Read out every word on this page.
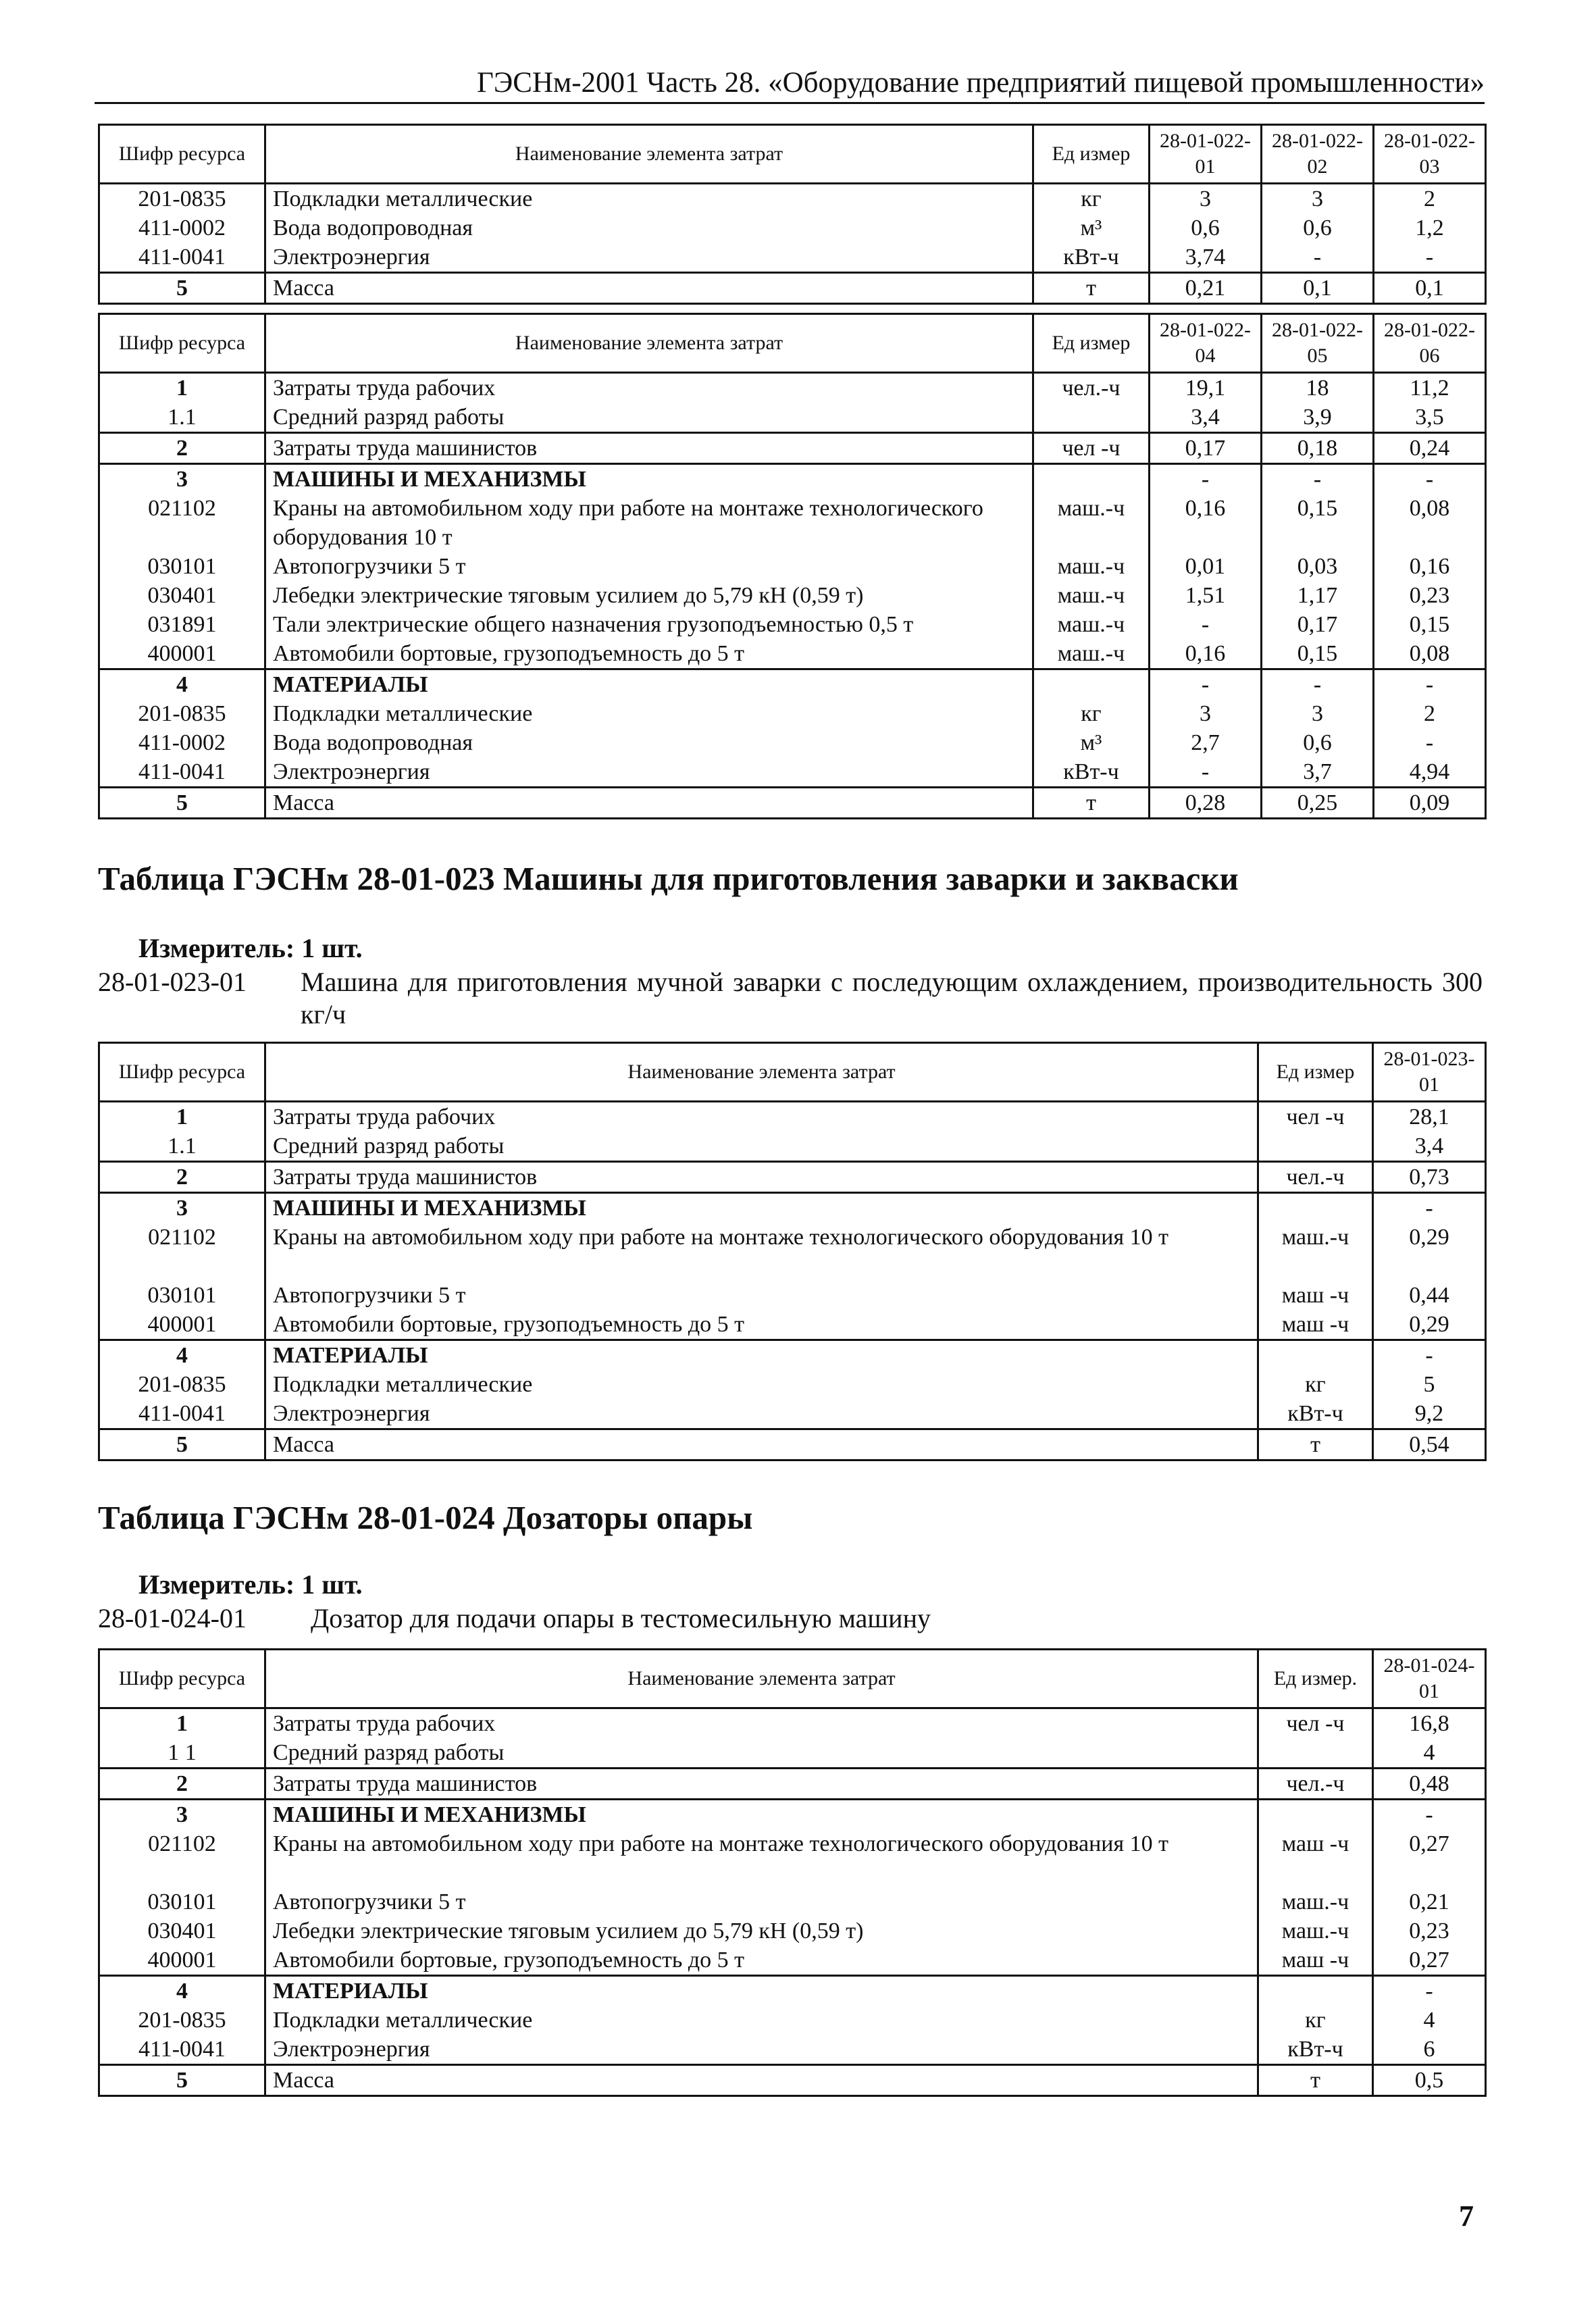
ГЭСНм-2001 Часть 28. «Оборудование предприятий пищевой промышленности»
Шифр ресурса	Наименование элемента затрат	Ед измер	28-01-022-01	28-01-022-02	28-01-022-03
201-0835	Подкладки металлические	кг	3	3	2
411-0002	Вода водопроводная	м³	0,6	0,6	1,2
411-0041	Электроэнергия	кВт-ч	3,74	-	-
5	Масса	т	0,21	0,1	0,1
Шифр ресурса	Наименование элемента затрат	Ед измер	28-01-022-04	28-01-022-05	28-01-022-06
1	Затраты труда рабочих	чел.-ч	19,1	18	11,2
1.1	Средний разряд работы		3,4	3,9	3,5
2	Затраты труда машинистов	чел -ч	0,17	0,18	0,24
3	МАШИНЫ И МЕХАНИЗМЫ		-	-	-
021102	Краны на автомобильном ходу при работе на монтаже технологического оборудования 10 т	маш.-ч	0,16	0,15	0,08
030101	Автопогрузчики 5 т	маш.-ч	0,01	0,03	0,16
030401	Лебедки электрические тяговым усилием до 5,79 кН (0,59 т)	маш.-ч	1,51	1,17	0,23
031891	Тали электрические общего назначения грузоподъемностью 0,5 т	маш.-ч	-	0,17	0,15
400001	Автомобили бортовые, грузоподъемность до 5 т	маш.-ч	0,16	0,15	0,08
4	МАТЕРИАЛЫ		-	-	-
201-0835	Подкладки металлические	кг	3	3	2
411-0002	Вода водопроводная	м³	2,7	0,6	-
411-0041	Электроэнергия	кВт-ч	-	3,7	4,94
5	Масса	т	0,28	0,25	0,09
Таблица ГЭСНм 28-01-023 Машины для приготовления заварки и закваски
Измеритель: 1 шт.
28-01-023-01 Машина для приготовления мучной заварки с последующим охлаждением, производительность 300 кг/ч
Шифр ресурса	Наименование элемента затрат	Ед измер	28-01-023-01
1	Затраты труда рабочих	чел -ч	28,1
1.1	Средний разряд работы		3,4
2	Затраты труда машинистов	чел.-ч	0,73
3	МАШИНЫ И МЕХАНИЗМЫ		-
021102	Краны на автомобильном ходу при работе на монтаже технологического оборудования 10 т	маш.-ч	0,29
030101	Автопогрузчики 5 т	маш -ч	0,44
400001	Автомобили бортовые, грузоподъемность до 5 т	маш -ч	0,29
4	МАТЕРИАЛЫ		-
201-0835	Подкладки металлические	кг	5
411-0041	Электроэнергия	кВт-ч	9,2
5	Масса	т	0,54
Таблица ГЭСНм 28-01-024 Дозаторы опары
Измеритель: 1 шт.
28-01-024-01 Дозатор для подачи опары в тестомесильную машину
Шифр ресурса	Наименование элемента затрат	Ед измер.	28-01-024-01
1	Затраты труда рабочих	чел -ч	16,8
1 1	Средний разряд работы		4
2	Затраты труда машинистов	чел.-ч	0,48
3	МАШИНЫ И МЕХАНИЗМЫ		-
021102	Краны на автомобильном ходу при работе на монтаже технологического оборудования 10 т	маш -ч	0,27
030101	Автопогрузчики 5 т	маш.-ч	0,21
030401	Лебедки электрические тяговым усилием до 5,79 кН (0,59 т)	маш.-ч	0,23
400001	Автомобили бортовые, грузоподъемность до 5 т	маш -ч	0,27
4	МАТЕРИАЛЫ		-
201-0835	Подкладки металлические	кг	4
411-0041	Электроэнергия	кВт-ч	6
5	Масса	т	0,5
7
